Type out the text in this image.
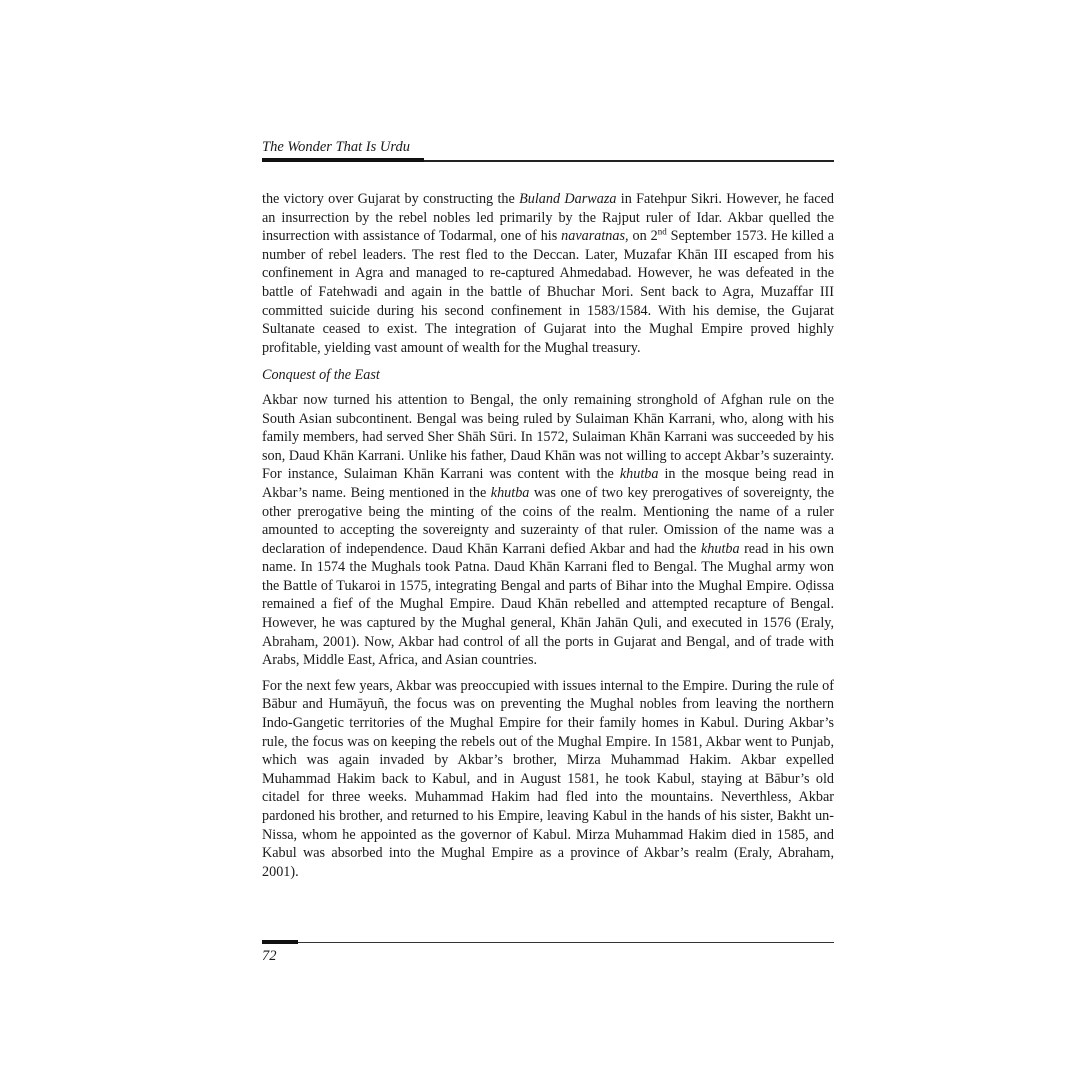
The Wonder That Is Urdu

the victory over Gujarat by constructing the Buland Darwaza in Fatehpur Sikri. However, he faced an insurrection by the rebel nobles led primarily by the Rajput ruler of Idar. Akbar quelled the insurrection with assistance of Todarmal, one of his navaratnas, on 2nd September 1573. He killed a number of rebel leaders. The rest fled to the Deccan. Later, Muzafar Khān III escaped from his confinement in Agra and managed to re-captured Ahmedabad. However, he was defeated in the battle of Fatehwadi and again in the battle of Bhuchar Mori. Sent back to Agra, Muzaffar III committed suicide during his second confinement in 1583/1584. With his demise, the Gujarat Sultanate ceased to exist. The integration of Gujarat into the Mughal Empire proved highly profitable, yielding vast amount of wealth for the Mughal treasury.

Conquest of the East

Akbar now turned his attention to Bengal, the only remaining stronghold of Afghan rule on the South Asian subcontinent. Bengal was being ruled by Sulaiman Khān Karrani, who, along with his family members, had served Sher Shāh Sūri. In 1572, Sulaiman Khān Karrani was succeeded by his son, Daud Khān Karrani. Unlike his father, Daud Khān was not willing to accept Akbar’s suzerainty. For instance, Sulaiman Khān Karrani was content with the khutba in the mosque being read in Akbar’s name. Being mentioned in the khutba was one of two key prerogatives of sovereignty, the other prerogative being the minting of the coins of the realm. Mentioning the name of a ruler amounted to accepting the sovereignty and suzerainty of that ruler. Omission of the name was a declaration of independence. Daud Khān Karrani defied Akbar and had the khutba read in his own name. In 1574 the Mughals took Patna. Daud Khān Karrani fled to Bengal. The Mughal army won the Battle of Tukaroi in 1575, integrating Bengal and parts of Bihar into the Mughal Empire. Oḍissa remained a fief of the Mughal Empire. Daud Khān rebelled and attempted recapture of Bengal. However, he was captured by the Mughal general, Khān Jahān Quli, and executed in 1576 (Eraly, Abraham, 2001). Now, Akbar had control of all the ports in Gujarat and Bengal, and of trade with Arabs, Middle East, Africa, and Asian countries.

For the next few years, Akbar was preoccupied with issues internal to the Empire. During the rule of Bābur and Humāyuñ, the focus was on preventing the Mughal nobles from leaving the northern Indo-Gangetic territories of the Mughal Empire for their family homes in Kabul. During Akbar’s rule, the focus was on keeping the rebels out of the Mughal Empire. In 1581, Akbar went to Punjab, which was again invaded by Akbar’s brother, Mirza Muhammad Hakim. Akbar expelled Muhammad Hakim back to Kabul, and in August 1581, he took Kabul, staying at Bābur’s old citadel for three weeks. Muhammad Hakim had fled into the mountains. Neverthless, Akbar pardoned his brother, and returned to his Empire, leaving Kabul in the hands of his sister, Bakht un-Nissa, whom he appointed as the governor of Kabul. Mirza Muhammad Hakim died in 1585, and Kabul was absorbed into the Mughal Empire as a province of Akbar’s realm (Eraly, Abraham, 2001).

72
